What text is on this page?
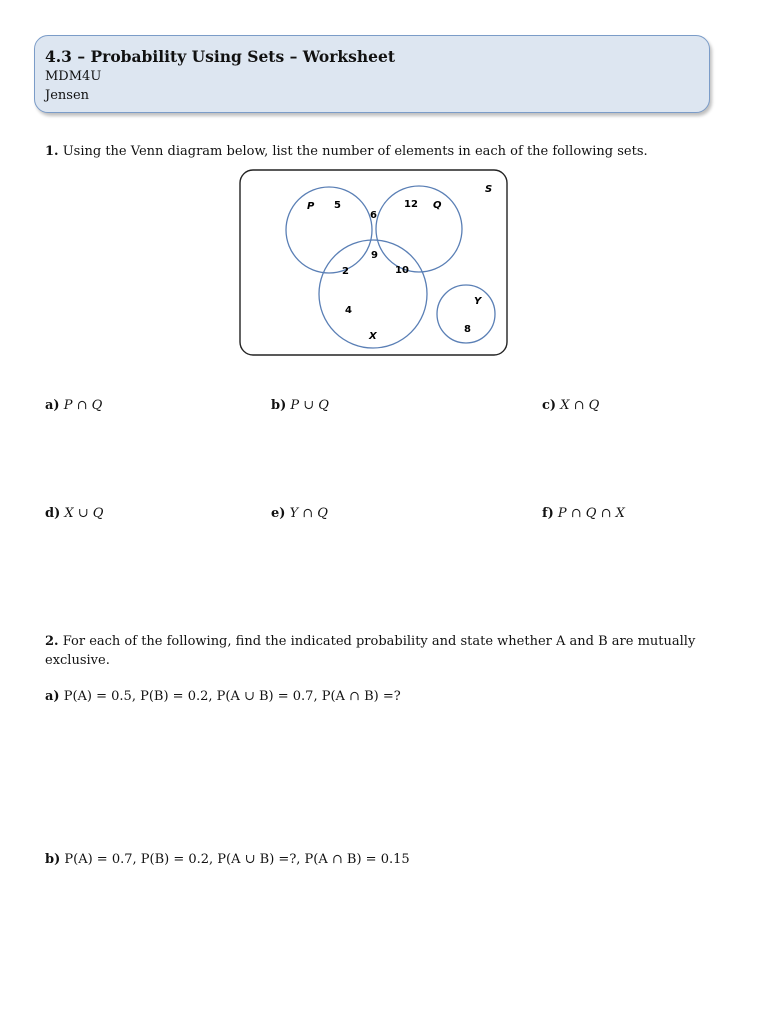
4.3 – Probability Using Sets – Worksheet
MDM4U
Jensen
1. Using the Venn diagram below, list the number of elements in each of the following sets.
S
P	Q
X
Y
5
6
12
9
2	10
4
8
a) P ∩ Q	b) P ∪ Q	c) X ∩ Q
d) X ∪ Q	e) Y ∩ Q	f) P ∩ Q ∩ X
2. For each of the following, find the indicated probability and state whether A and B are mutually
exclusive.
a) P(A) = 0.5, P(B) = 0.2, P(A ∪ B) = 0.7, P(A ∩ B) =?
b) P(A) = 0.7, P(B) = 0.2, P(A ∪ B) =?, P(A ∩ B) = 0.15
